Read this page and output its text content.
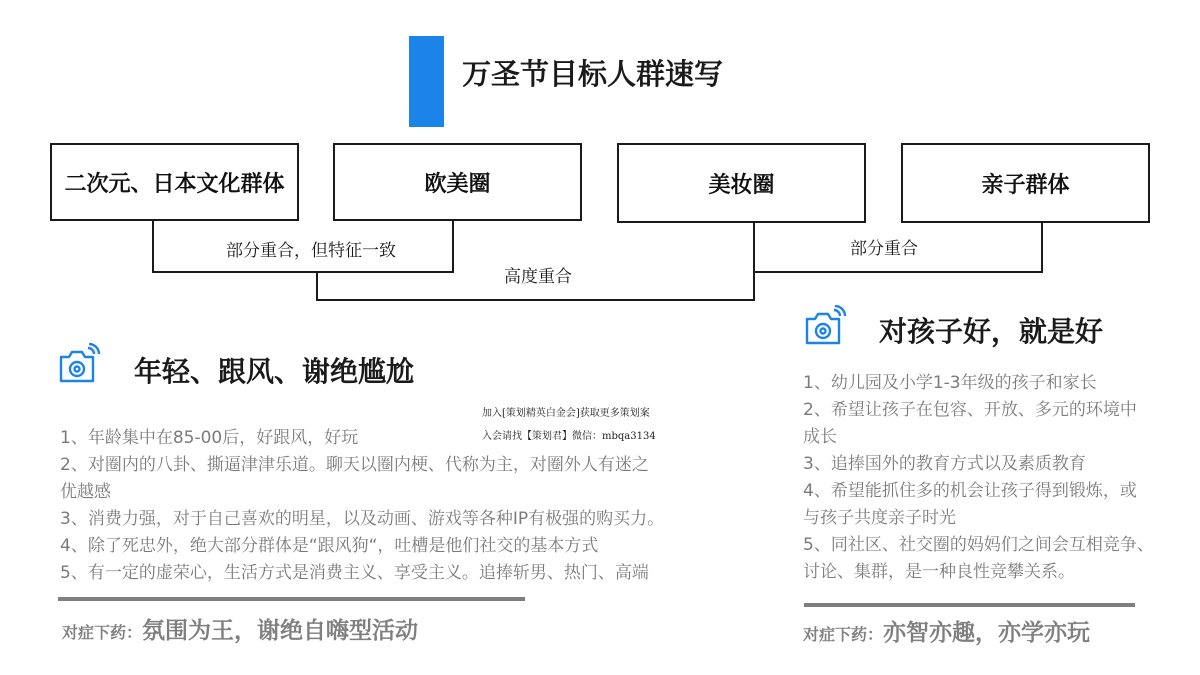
万圣节目标人群速写
二次元、日本文化群体	欧美圈	美妆圈	亲子群体
部分重合，但特征一致
高度重合
部分重合
年轻、跟风、谢绝尴尬
加入[策划精英白金会]获取更多策划案
入会请找【策划君】微信：mbqa3134
1、年龄集中在85-00后，好跟风，好玩
2、对圈内的八卦、撕逼津津乐道。聊天以圈内梗、代称为主，对圈外人有迷之
优越感
3、消费力强，对于自己喜欢的明星，以及动画、游戏等各种IP有极强的购买力。
4、除了死忠外，绝大部分群体是“跟风狗“，吐槽是他们社交的基本方式
5、有一定的虚荣心，生活方式是消费主义、享受主义。追捧斩男、热门、高端
对症下药：氛围为王，谢绝自嗨型活动
对孩子好，就是好
1、幼儿园及小学1-3年级的孩子和家长
2、希望让孩子在包容、开放、多元的环境中
成长
3、追捧国外的教育方式以及素质教育
4、希望能抓住多的机会让孩子得到锻炼，或
与孩子共度亲子时光
5、同社区、社交圈的妈妈们之间会互相竞争、
讨论、集群，是一种良性竞攀关系。
对症下药：亦智亦趣，亦学亦玩
